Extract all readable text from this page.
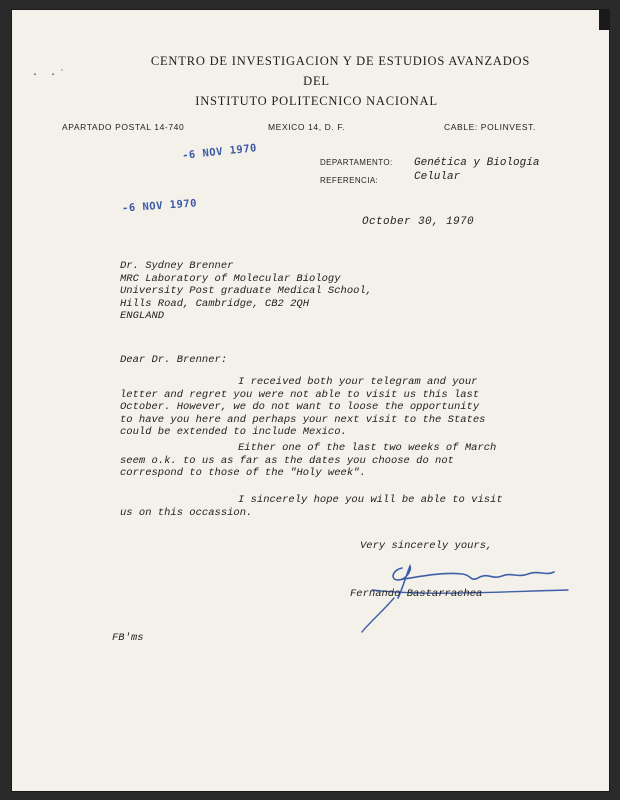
· ·˙
CENTRO DE INVESTIGACION Y DE ESTUDIOS AVANZADOS
DEL
INSTITUTO POLITECNICO NACIONAL
APARTADO POSTAL 14-740	MEXICO 14, D. F.	CABLE: POLINVEST.
-6 NOV 1970
-6 NOV 1970
DEPARTAMENTO:
REFERENCIA:
Genética y Biología
Celular
October 30, 1970
Dr. Sydney Brenner
MRC Laboratory of Molecular Biology
University Post graduate Medical School,
Hills Road, Cambridge, CB2 2QH
ENGLAND
Dear Dr. Brenner:
I received both your telegram and your
letter and regret you were not able to visit us this last
October. However, we do not want to loose the opportunity
to have you here and perhaps your next visit to the States
could be extended to include Mexico.
Either one of the last two weeks of March
seem o.k. to us as far as the dates you choose do not
correspond to those of the "Holy week".
I sincerely hope you will be able to visit
us on this occassion.
Very sincerely yours,
Fernando Bastarrachea
FB'ms
